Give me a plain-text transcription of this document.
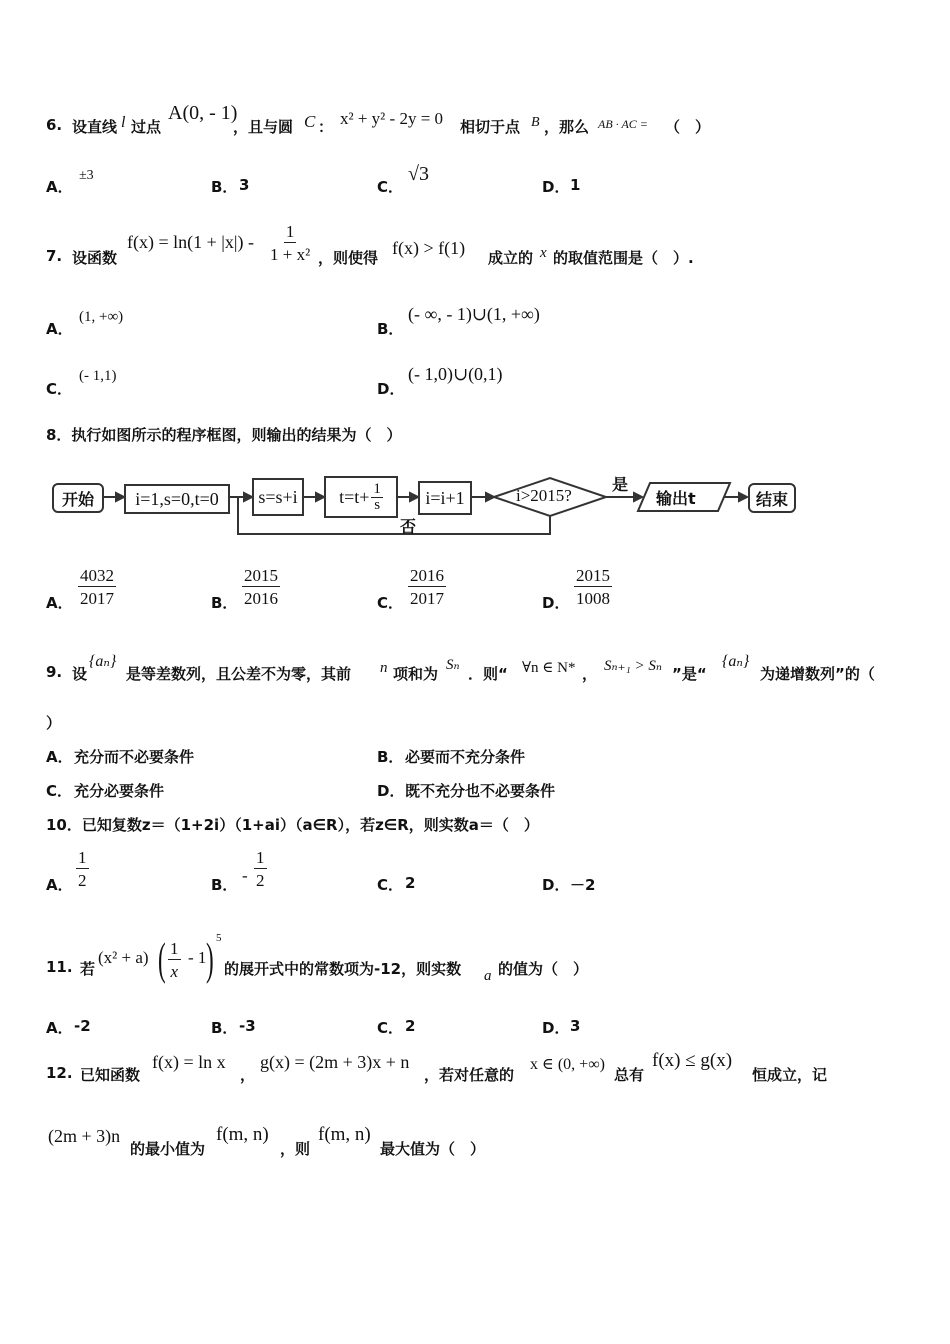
6. 设直线 l 过点
A(0, - 1)
，且与圆 C ： x² + y² - 2y = 0 相切于点 B ，那么 AB · AC = （　）
A．
±3
B． 3	C．
√3
D． 1
7. 设函数
$f(x) = \ln(1 + |x|) - \frac{1}{\text{1 + x²}}$ ，则使得 f(x) > f(1) 成立的 x 的取值范围是（　）.
A．
(1, +∞)
B．
(- ∞, - 1)∪(1, +∞)
C．
(- 1,1)
D．
(- 1,0)∪(0,1)
8．执行如图所示的程序框图，则输出的结果为（　）
开始 i=1,s=0,t=0 s=s+i $t=t+ \frac{1}{s} i=i+1$	i>2015?
是
否
输出t	结束
A． $\frac{4032}{2017}$	B． $\frac{2015}{2016}$	C． $\frac{2016}{2017}$	D． $\frac{2015}{1008}$
9. 设
{aₙ}
是等差数列，且公差不为零，其前 n 项和为 Sₙ ．则“ ∀n ∈ N* ， Sₙ₊₁ > Sₙ ”是“
{aₙ}
为递增数列”的（
）
A． 充分而不必要条件	B． 必要而不充分条件
C． 充分必要条件	D． 既不充分也不必要条件
10．已知复数z＝（1+2i）（1+ai）（a∈R），若z∈R，则实数a＝（　）
A． $\frac{1}{2}$	B． - $\frac{1}{2}$	C． 2	D． －2
11. 若
(x² + a) ( $\frac{1}{x} - 1$ ) 5
的展开式中的常数项为-12，则实数 a 的值为（　）
A． -2	B． -3	C． 2	D． 3
12. 已知函数
f(x) = ln x
，
g(x) = (2m + 3)x + n
，若对任意的
x ∈ (0, +∞)
总有
f(x) ≤ g(x)
恒成立，记
(2m + 3)n
的最小值为
f(m, n)
，则
f(m, n)
最大值为（　）
